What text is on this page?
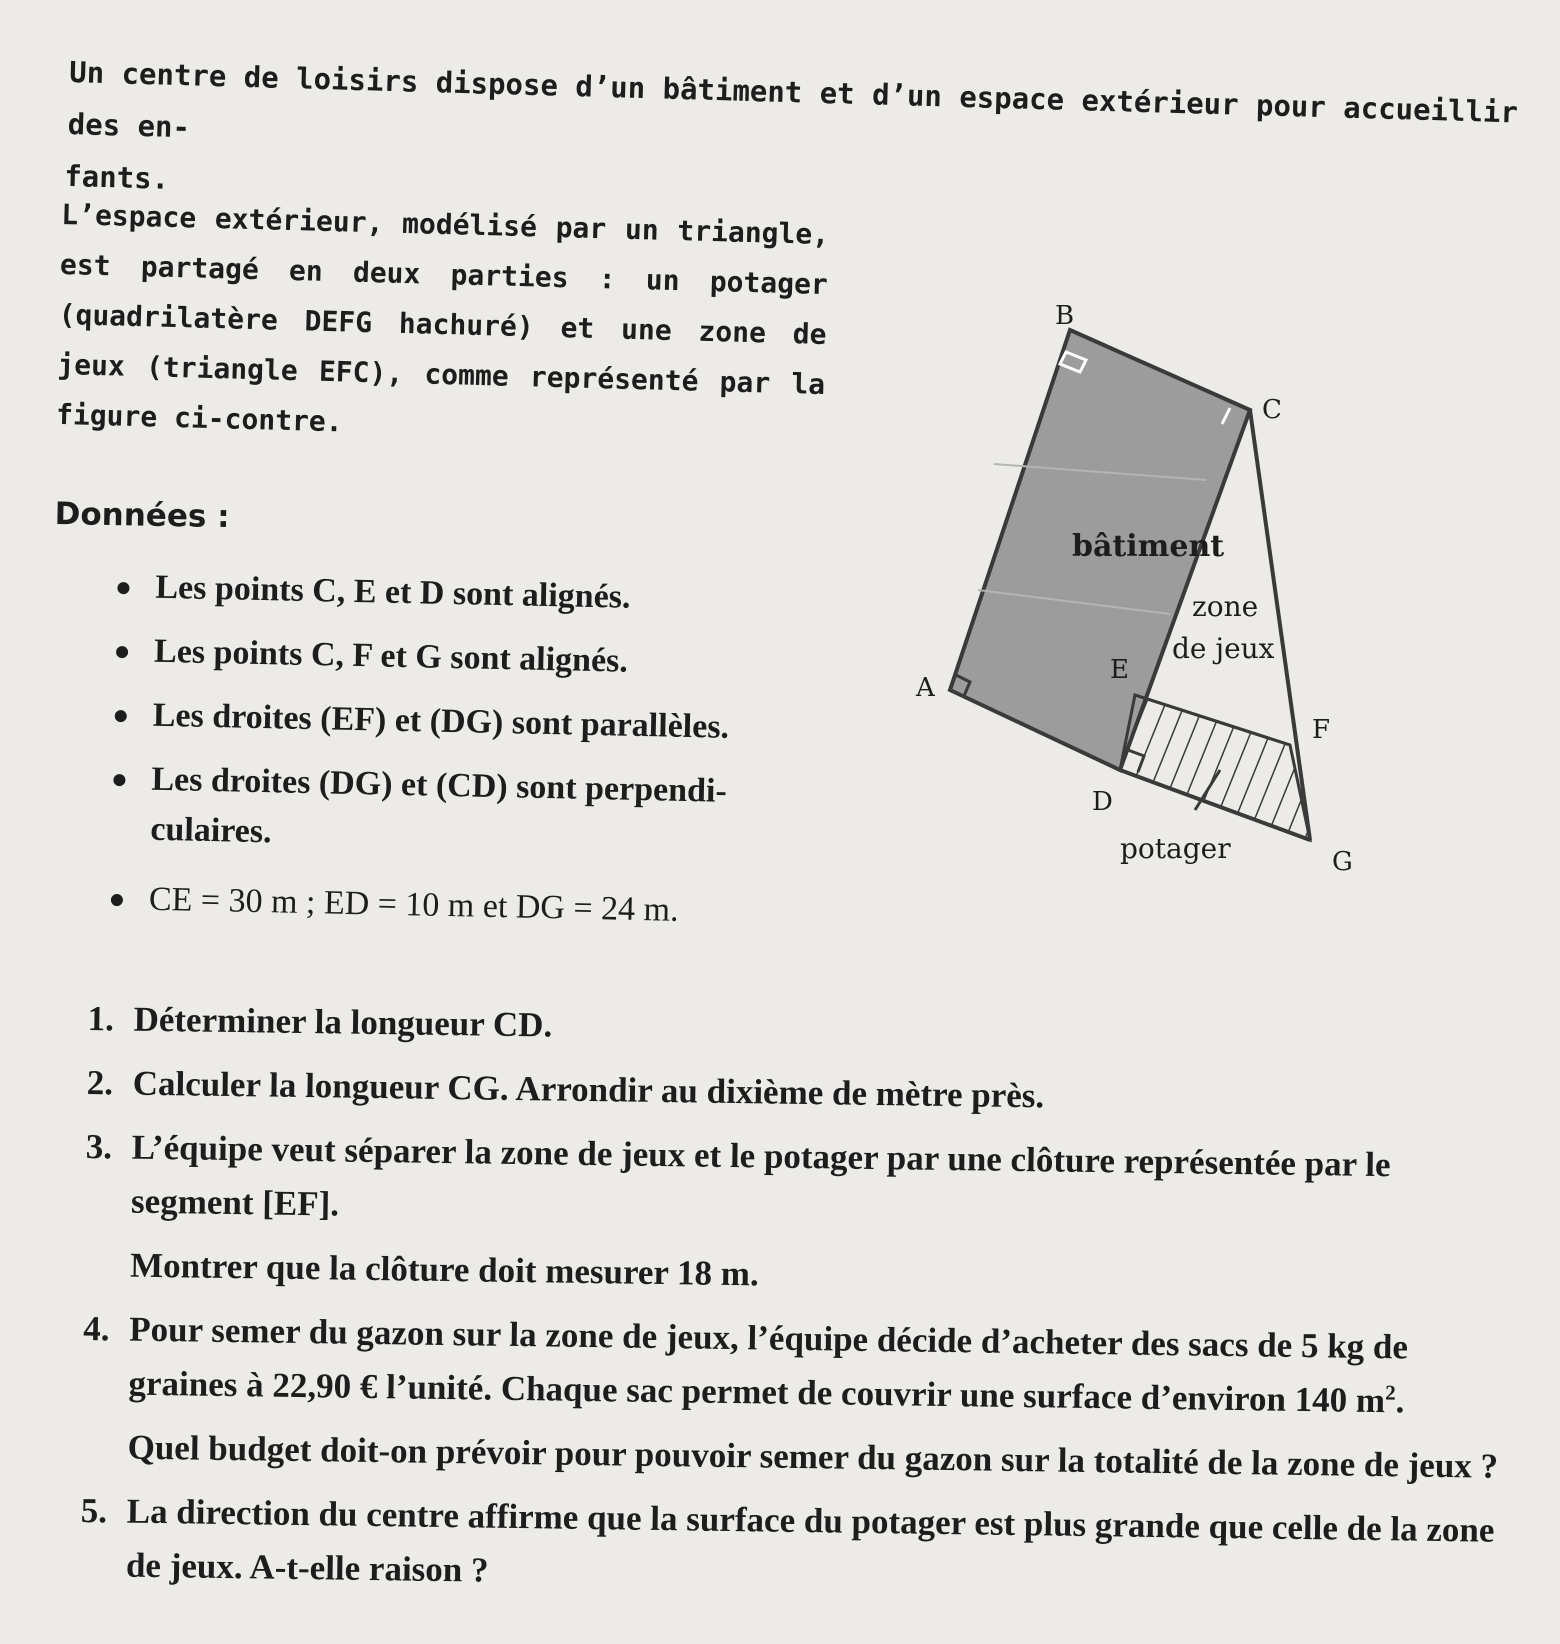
Un centre de loisirs dispose d’un bâtiment et d’un espace extérieur pour accueillir des en-
fants.
L’espace extérieur, modélisé par un triangle, est partagé en deux parties : un potager (quadrilatère DEFG hachuré) et une zone de jeux (triangle EFC), comme représenté par la figure ci-contre.
Données :
Les points C, E et D sont alignés.
Les points C, F et G sont alignés.
Les droites (EF) et (DG) sont parallèles.
Les droites (DG) et (CD) sont perpendi-culaires.
CE = 30 m ; ED = 10 m et DG = 24 m.
B
C
A
E
F
D
G
bâtiment
zone
de jeux
potager
1. Déterminer la longueur CD.
2. Calculer la longueur CG. Arrondir au dixième de mètre près.
3. L’équipe veut séparer la zone de jeux et le potager par une clôture représentée par le segment [EF].
Montrer que la clôture doit mesurer 18 m.
4. Pour semer du gazon sur la zone de jeux, l’équipe décide d’acheter des sacs de 5 kg de graines à 22,90 € l’unité. Chaque sac permet de couvrir une surface d’environ 140 $m^2$.
Quel budget doit-on prévoir pour pouvoir semer du gazon sur la totalité de la zone de jeux ?
5. La direction du centre affirme que la surface du potager est plus grande que celle de la zone de jeux. A-t-elle raison ?
